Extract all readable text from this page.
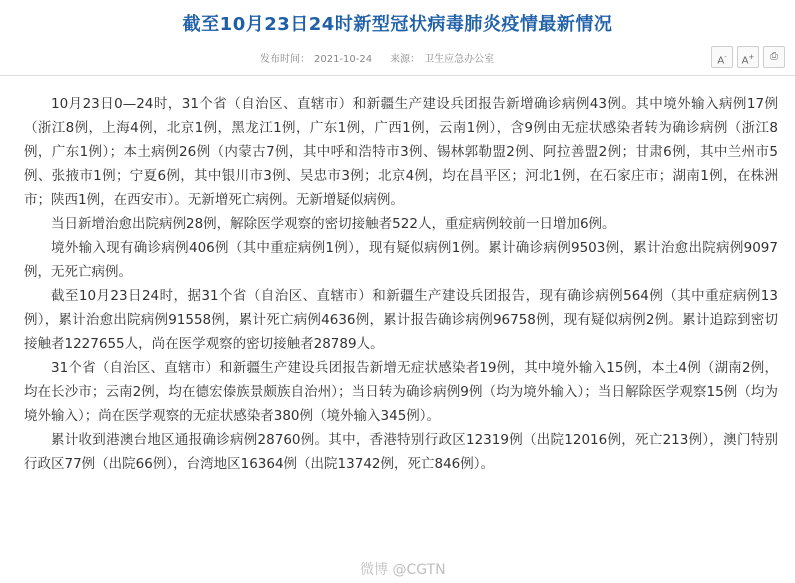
截至10月23日24时新型冠状病毒肺炎疫情最新情况
发布时间： 2021-10-24 来源： 卫生应急办公室	A-	A+	⎙

10月23日0—24时，31个省（自治区、直辖市）和新疆生产建设兵团报告新增确诊病例43例。其中境外输入病例17例（浙江8例，上海4例，北京1例，黑龙江1例，广东1例，广西1例，云南1例），含9例由无症状感染者转为确诊病例（浙江8例，广东1例）；本土病例26例（内蒙古7例，其中呼和浩特市3例、锡林郭勒盟2例、阿拉善盟2例；甘肃6例，其中兰州市5例、张掖市1例；宁夏6例，其中银川市3例、吴忠市3例；北京4例，均在昌平区；河北1例，在石家庄市；湖南1例，在株洲市；陕西1例，在西安市）。无新增死亡病例。无新增疑似病例。

当日新增治愈出院病例28例，解除医学观察的密切接触者522人，重症病例较前一日增加6例。

境外输入现有确诊病例406例（其中重症病例1例），现有疑似病例1例。累计确诊病例9503例，累计治愈出院病例9097例，无死亡病例。

截至10月23日24时，据31个省（自治区、直辖市）和新疆生产建设兵团报告，现有确诊病例564例（其中重症病例13例），累计治愈出院病例91558例，累计死亡病例4636例，累计报告确诊病例96758例，现有疑似病例2例。累计追踪到密切接触者1227655人，尚在医学观察的密切接触者28789人。

31个省（自治区、直辖市）和新疆生产建设兵团报告新增无症状感染者19例，其中境外输入15例，本土4例（湖南2例，均在长沙市；云南2例，均在德宏傣族景颇族自治州）；当日转为确诊病例9例（均为境外输入）；当日解除医学观察15例（均为境外输入）；尚在医学观察的无症状感染者380例（境外输入345例）。

累计收到港澳台地区通报确诊病例28760例。其中，香港特别行政区12319例（出院12016例，死亡213例），澳门特别行政区77例（出院66例），台湾地区16364例（出院13742例，死亡846例）。

微博 @CGTN
